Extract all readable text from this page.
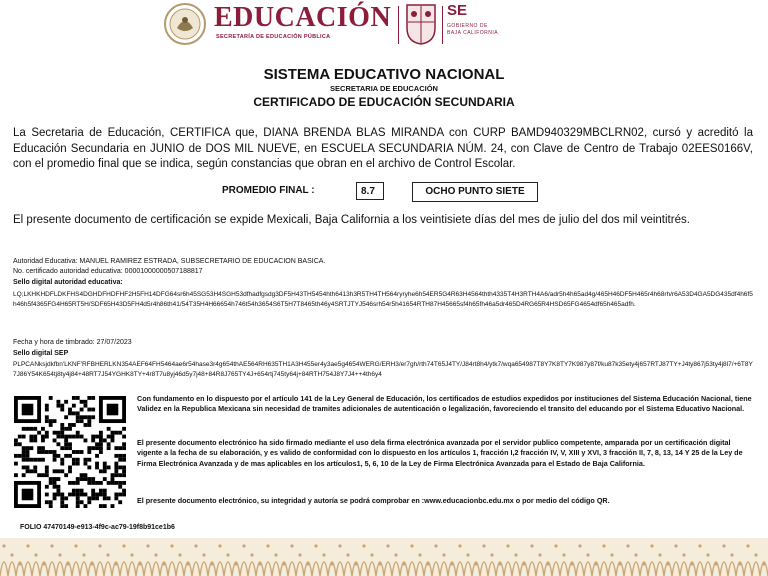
EDUCACIÓN
SECRETARÍA DE EDUCACIÓN PÚBLICA
SE
GOBIERNO DE
BAJA CALIFORNIA
SISTEMA EDUCATIVO NACIONAL
SECRETARIA DE EDUCACIÓN
CERTIFICADO DE EDUCACIÓN SECUNDARIA
La Secretaria de Educación, CERTIFICA que, DIANA BRENDA BLAS MIRANDA con CURP BAMD940329MBCLRN02, cursó y acreditó la Educación Secundaria en JUNIO de DOS MIL NUEVE, en ESCUELA SECUNDARIA NÚM. 24, con Clave de Centro de Trabajo 02EES0166V, con el promedio final que se indica, según constancias que obran en el archivo de Control Escolar.
PROMEDIO FINAL :	8.7	OCHO PUNTO SIETE
El presente documento de certificación se expide Mexicali, Baja California a los veintisiete días del mes de julio del dos mil veintitrés.
Autoridad Educativa: MANUEL RAMIREZ ESTRADA, SUBSECRETARIO DE EDUCACION BASICA.
No. certificado autoridad educativa: 00001000000507188817
Sello digital autoridad educativa:
LQ;LKHKHDFLDKFHS4DGHDFHDFHF2H5FH14DFG64sr6h45SG53H4SGH53dfhadfgsdg3DF5H43TH5454hth6413h3R5TH4TH564ryryhe6h54ER5G4R63H4564thth4335T4H3RTH4A6/adr5h4h65ad4g/465H46DF5H465r4h68rh/r6A53D4GA5DG435df4h6f5h46h5f4365FG4H65RT5H/SDF65H43D5FH4d5r4h86th41/54T35H4H66654h746t54h3654S6T5H7T8465th46y4SRTJTYJ546srh54r5h41654RTH87H45665sf4h65fh46a5dr465D4RG65R4HSD65FG4654df65h465adfh.
Fecha y hora de timbrado: 27/07/2023
Sello digital SEP
PLPCANksjdkfbn'LKNF'RFBHERLKN354AEF64FH5464ae6r54hase3r4g654thAE564RH635TH1A3H455er4y3ae5g4654WERG/ERH3/er7gh/rth74T65J4TY/J84rt8h4/ytk7/wqa654987T8Y7K8TY7K987y87f/ku87k35ety4j657RTJ87TY+J4ty867j53ty4j8l7/+6T8Y7J86Y54K654tj8ty4j84+48RT7J54YGHK8TY+4r8T7u8yj46d5y7j48+84R8J765TY4J+654rtj745ty64j+84RTH754J8Y7J4++4th6y4
Con fundamento en lo dispuesto por el artículo 141 de la Ley General de Educación, los certificados de estudios expedidos por instituciones del Sistema Educación Nacional, tiene Validez en la Republica Mexicana sin necesidad de tramites adicionales de autenticación o legalización, favoreciendo el transito del educando por el Sistema Educativo Nacional.
El presente documento electrónico ha sido firmado mediante el uso dela firma electrónica avanzada por el servidor publico competente, amparada por un certificación digital vigente a la fecha de su elaboración, y es valido de conformidad con lo dispuesto en los artículos 1, fracción I,2 fracción IV, V, XIII y XVI, 3 fracción II, 7, 8, 13, 14 Y 25 de la Ley de Firma Electrónica Avanzada y de mas aplicables en los artículos1, 5, 6, 10 de la Ley de Firma Electrónica Avanzada para el Estado de Baja California.
El presente documento electrónico, su integridad y autoría se podrá comprobar en :www.educacionbc.edu.mx o por medio del código QR.
FOLIO 47470149-e913-4f9c-ac79-19f8b91ce1b6
